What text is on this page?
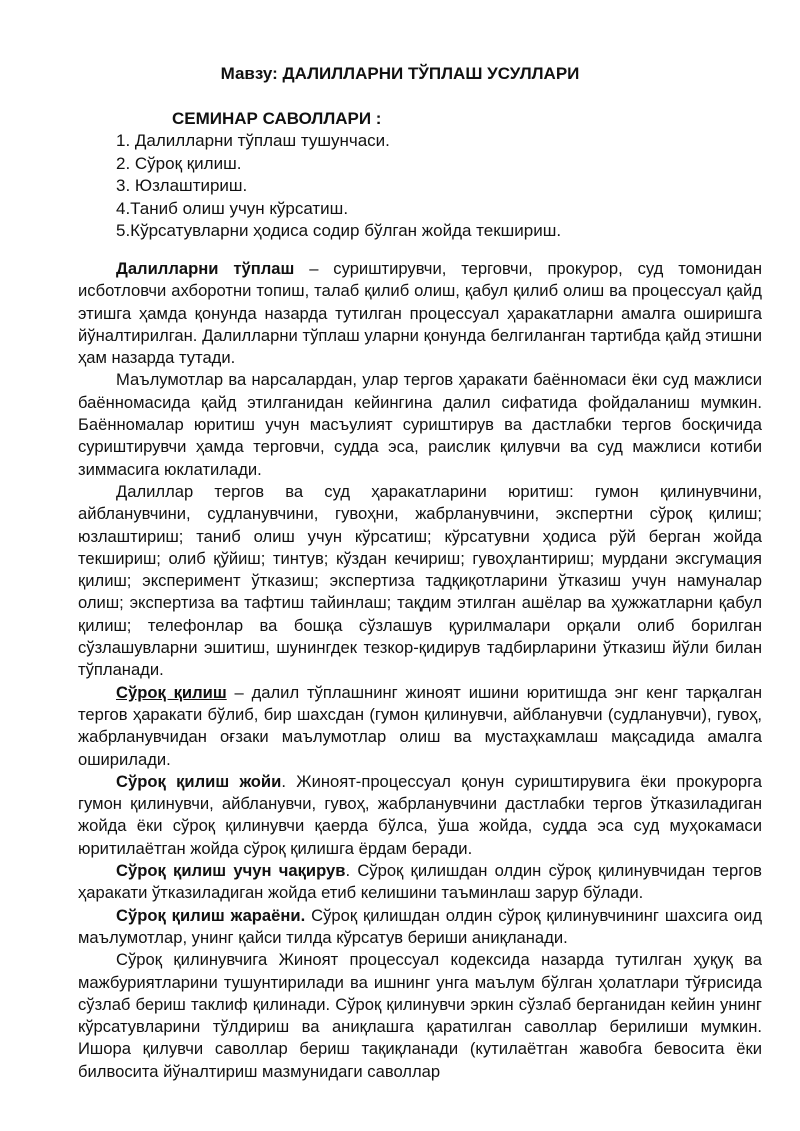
Мавзу: ДАЛИЛЛАРНИ ТЎПЛАШ УСУЛЛАРИ
СЕМИНАР САВОЛЛАРИ :
1. Далилларни тўплаш тушунчаси.
2. Сўроқ қилиш.
3. Юзлаштириш.
4.Таниб олиш учун кўрсатиш.
5.Кўрсатувларни ҳодиса содир бўлган жойда текшириш.

Далилларни тўплаш – суриштирувчи, терговчи, прокурор, суд томонидан исботловчи ахборотни топиш, талаб қилиб олиш, қабул қилиб олиш ва процессуал қайд этишга ҳамда қонунда назарда тутилган процессуал ҳаракатларни амалга оширишга йўналтирилган. Далилларни тўплаш уларни қонунда белгиланган тартибда қайд этишни ҳам назарда тутади.

Маълумотлар ва нарсалардан, улар тергов ҳаракати баённомаси ёки суд мажлиси баённомасида қайд этилганидан кейингина далил сифатида фойдаланиш мумкин. Баённомалар юритиш учун масъулият суриштирув ва дастлабки тергов босқичида суриштирувчи ҳамда терговчи, судда эса, раислик қилувчи ва суд мажлиси котиби зиммасига юклатилади.

Далиллар тергов ва суд ҳаракатларини юритиш: гумон қилинувчини, айбланувчини, судланувчини, гувоҳни, жабрланувчини, экспертни сўроқ қилиш; юзлаштириш; таниб олиш учун кўрсатиш; кўрсатувни ҳодиса рўй берган жойда текшириш; олиб қўйиш; тинтув; кўздан кечириш; гувоҳлантириш; мурдани эксгумация қилиш; эксперимент ўтказиш; экспертиза тадқиқотларини ўтказиш учун намуналар олиш; экспертиза ва тафтиш тайинлаш; тақдим этилган ашёлар ва ҳужжатларни қабул қилиш; телефонлар ва бошқа сўзлашув қурилмалари орқали олиб борилган сўзлашувларни эшитиш, шунингдек тезкор-қидирув тадбирларини ўтказиш йўли билан тўпланади.

Сўроқ қилиш – далил тўплашнинг жиноят ишини юритишда энг кенг тарқалган тергов ҳаракати бўлиб, бир шахсдан (гумон қилинувчи, айбланувчи (судланувчи), гувоҳ, жабрланувчидан оғзаки маълумотлар олиш ва мустаҳкамлаш мақсадида амалга оширилади.

Сўроқ қилиш жойи. Жиноят-процессуал қонун суриштирувига ёки прокурорга гумон қилинувчи, айбланувчи, гувоҳ, жабрланувчини дастлабки тергов ўтказиладиган жойда ёки сўроқ қилинувчи қаерда бўлса, ўша жойда, судда эса суд муҳокамаси юритилаётган жойда сўроқ қилишга ёрдам беради.

Сўроқ қилиш учун чақирув. Сўроқ қилишдан олдин сўроқ қилинувчидан тергов ҳаракати ўтказиладиган жойда етиб келишини таъминлаш зарур бўлади.

Сўроқ қилиш жараёни. Сўроқ қилишдан олдин сўроқ қилинувчининг шахсига оид маълумотлар, унинг қайси тилда кўрсатув бериши аниқланади.

Сўроқ қилинувчига Жиноят процессуал кодексида назарда тутилган ҳуқуқ ва мажбуриятларини тушунтирилади ва ишнинг унга маълум бўлган ҳолатлари тўғрисида сўзлаб бериш таклиф қилинади. Сўроқ қилинувчи эркин сўзлаб берганидан кейин унинг кўрсатувларини тўлдириш ва аниқлашга қаратилган саволлар берилиши мумкин. Ишора қилувчи саволлар бериш тақиқланади (кутилаётган жавобга бевосита ёки билвосита йўналтириш мазмунидаги саволлар
